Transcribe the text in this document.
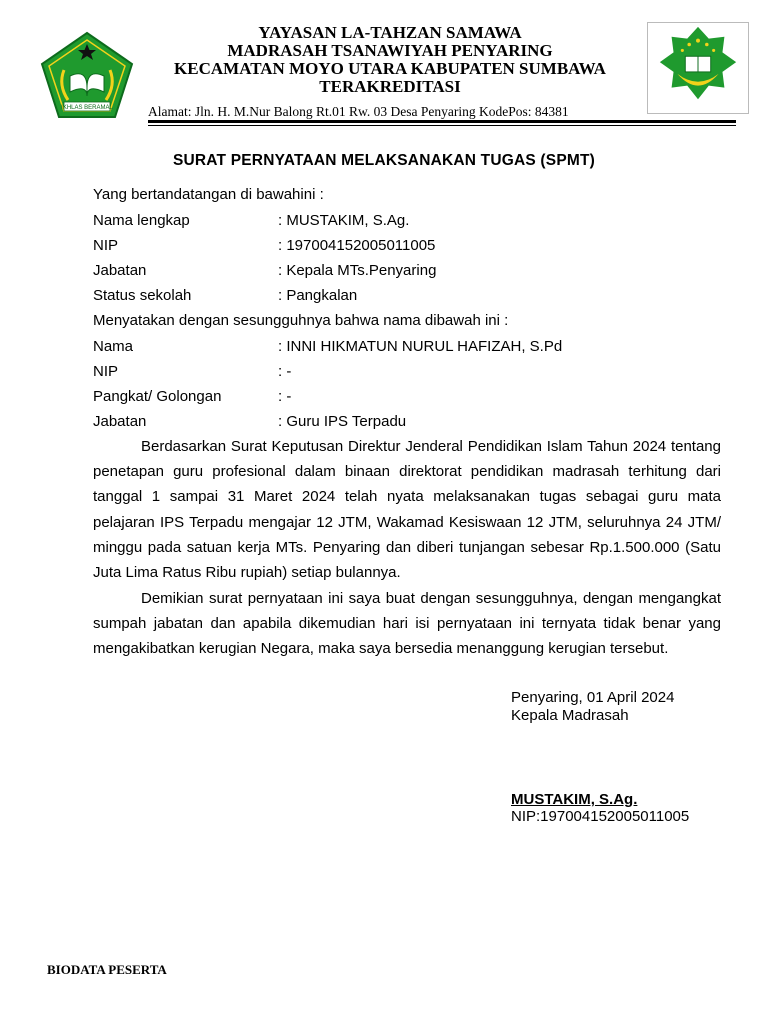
IKHLAS BERAMAL
YAYASAN LA-TAHZAN SAMAWA
MADRASAH TSANAWIYAH PENYARING
KECAMATAN MOYO UTARA KABUPATEN SUMBAWA
TERAKREDITASI
Alamat: Jln. H. M.Nur Balong Rt.01 Rw. 03 Desa Penyaring KodePos: 84381
SURAT PERNYATAAN MELAKSANAKAN TUGAS (SPMT)
Yang bertandatangan di bawahini :
Nama lengkap	: MUSTAKIM, S.Ag.
NIP	: 197004152005011005
Jabatan	: Kepala MTs.Penyaring
Status sekolah	: Pangkalan
Menyatakan dengan sesungguhnya bahwa nama dibawah ini :
Nama	: INNI HIKMATUN NURUL HAFIZAH, S.Pd
NIP	: -
Pangkat/ Golongan	: -
Jabatan	: Guru IPS Terpadu
Berdasarkan Surat Keputusan Direktur Jenderal Pendidikan Islam Tahun 2024 tentang penetapan guru profesional dalam binaan direktorat pendidikan madrasah terhitung dari tanggal 1 sampai 31 Maret 2024 telah nyata melaksanakan tugas sebagai guru mata pelajaran IPS Terpadu mengajar 12 JTM, Wakamad Kesiswaan 12 JTM, seluruhnya 24 JTM/ minggu pada satuan kerja MTs. Penyaring dan diberi tunjangan sebesar Rp.1.500.000 (Satu Juta Lima Ratus Ribu rupiah) setiap bulannya.
Demikian surat pernyataan ini saya buat dengan sesungguhnya, dengan mengangkat sumpah jabatan dan apabila dikemudian hari isi pernyataan ini ternyata tidak benar yang mengakibatkan kerugian Negara, maka saya bersedia menanggung kerugian tersebut.
Penyaring, 01 April 2024
Kepala Madrasah
MUSTAKIM, S.Ag.
NIP:197004152005011005
BIODATA PESERTA
